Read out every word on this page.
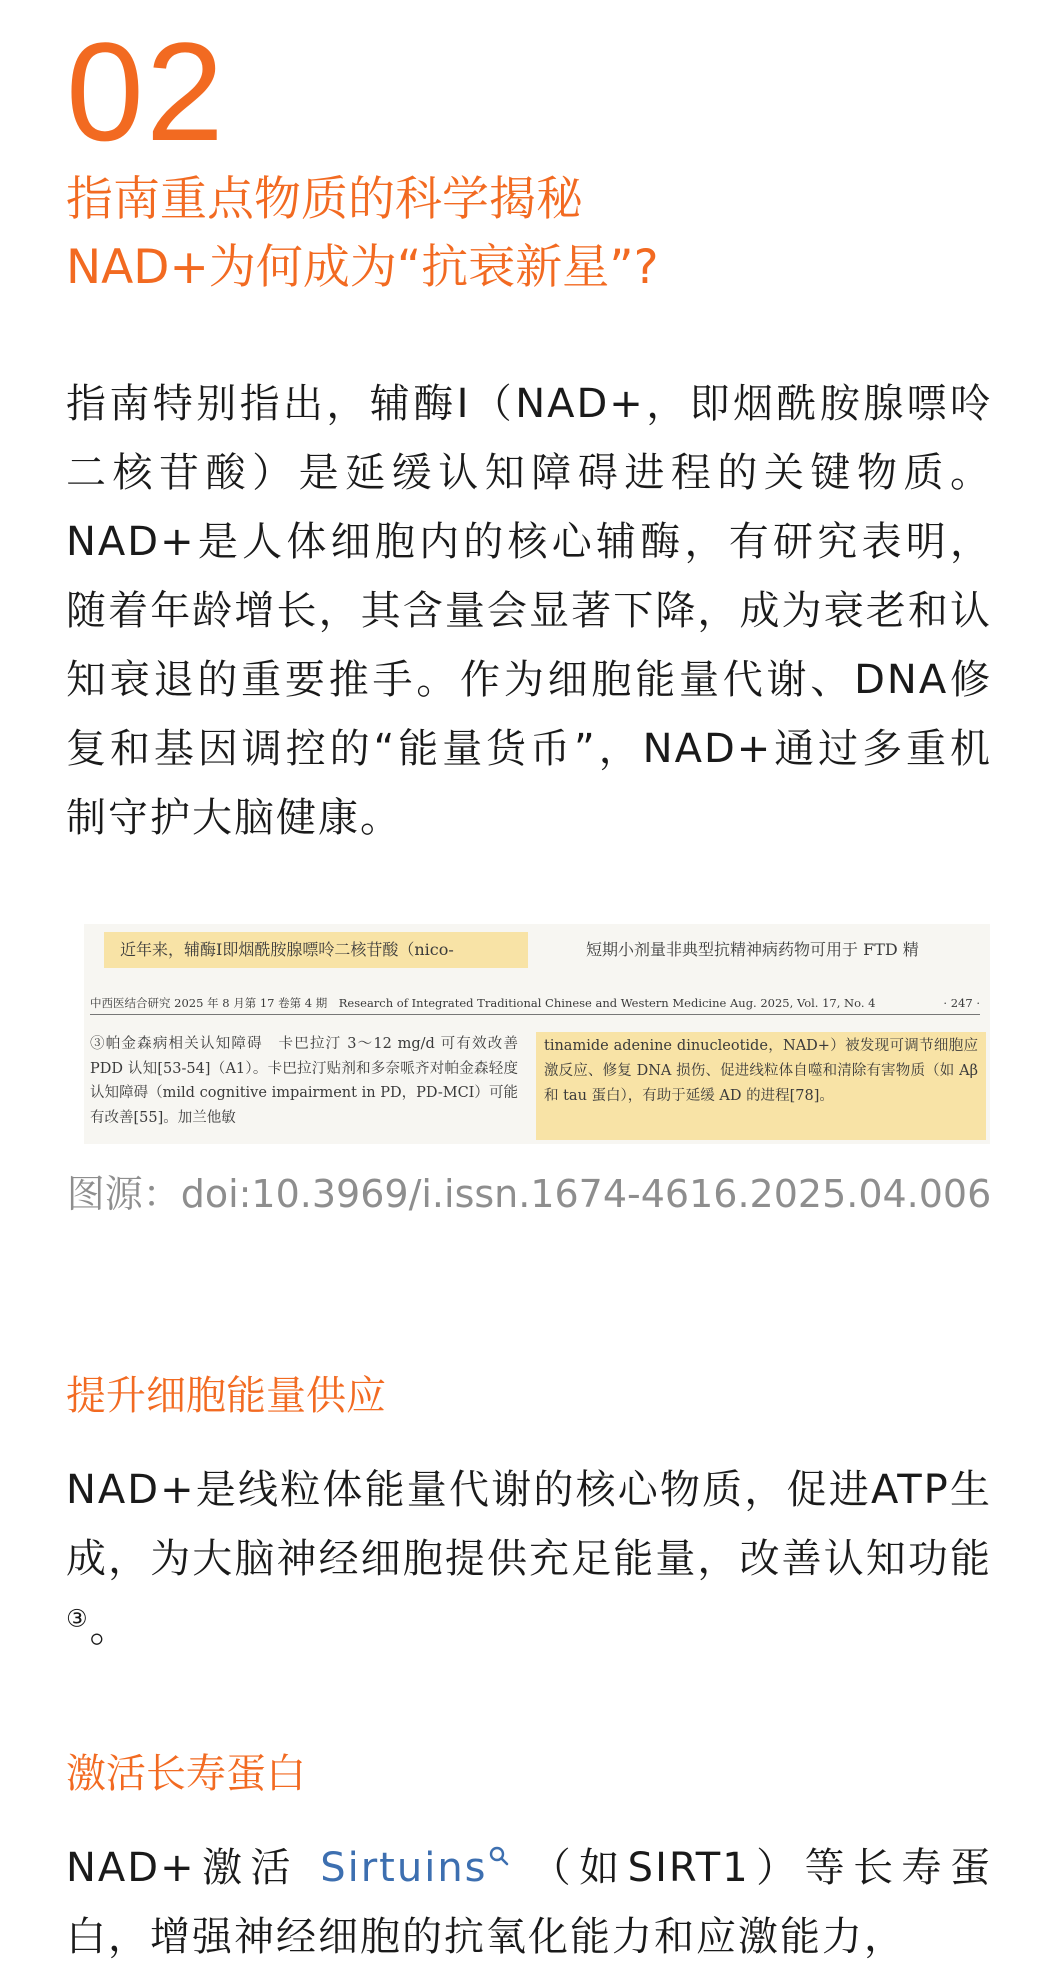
02
指南重点物质的科学揭秘
NAD+为何成为“抗衰新星”?
指南特别指出，辅酶Ⅰ（NAD+，即烟酰胺腺嘌呤二核苷酸）是延缓认知障碍进程的关键物质。NAD+是人体细胞内的核心辅酶，有研究表明，随着年龄增长，其含量会显著下降，成为衰老和认知衰退的重要推手。作为细胞能量代谢、DNA修复和基因调控的“能量货币”，NAD+通过多重机制守护大脑健康。
近年来，辅酶Ⅰ即烟酰胺腺嘌呤二核苷酸（nico-	短期小剂量非典型抗精神病药物可用于 FTD 精
中西医结合研究 2025 年 8 月第 17 卷第 4 期　Research of Integrated Traditional Chinese and Western Medicine Aug. 2025, Vol. 17, No. 4	· 247 ·
③帕金森病相关认知障碍　卡巴拉汀 3～12 mg/d 可有效改善 PDD 认知[53-54]（A1）。卡巴拉汀贴剂和多奈哌齐对帕金森轻度认知障碍（mild cognitive impairment in PD，PD-MCI）可能有改善[55]。加兰他敏
tinamide adenine dinucleotide，NAD+）被发现可调节细胞应激反应、修复 DNA 损伤、促进线粒体自噬和清除有害物质（如 Aβ 和 tau 蛋白），有助于延缓 AD 的进程[78]。
图源：doi:10.3969/i.issn.1674-4616.2025.04.006
提升细胞能量供应
NAD+是线粒体能量代谢的核心物质，促进ATP生成，为大脑神经细胞提供充足能量，改善认知功能③。
激活长寿蛋白
NAD+激活 Sirtuins （如SIRT1）等长寿蛋白，增强神经细胞的抗氧化能力和应激能力，
